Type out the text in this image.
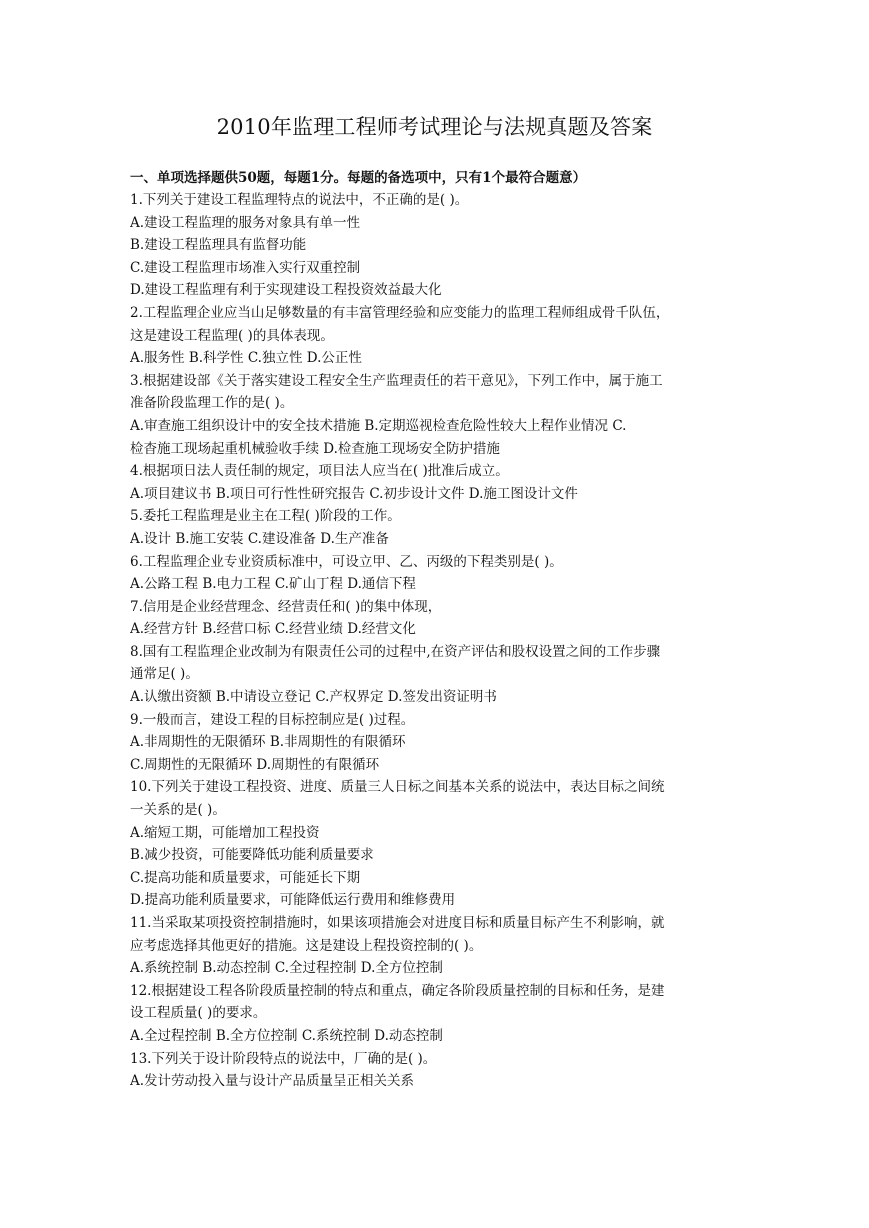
2010年监理工程师考试理论与法规真题及答案

一、单项选择题供50题，每题1分。每题的备选项中，只有1个最符合题意）

1.下列关于建设工程监理特点的说法中，不正确的是( )。

A.建设工程监理的服务对象具有单一性

B.建设工程监理具有监督功能

C.建设工程监理市场准入实行双重控制

D.建设工程监理有利于实现建设工程投资效益最大化

2.工程监理企业应当山足够数量的有丰富管理经验和应变能力的监理工程师组成骨千队伍，

这是建设工程监理( )的具体表现。

A.服务性 B.科学性 C.独立性 D.公正性

3.根据建设部《关于落实建设工程安全生产监理责任的若干意见》，下列工作中，属于施工

准备阶段监理工作的是( )。

A.审查施工组织设计中的安全技术措施 B.定期巡视检查危险性较大上程作业情况 C.

检杳施工现场起重机械验收手续 D.检查施工现场安全防护措施

4.根据项日法人责任制的规定，项目法人应当在( )批准后成立。

A.项目建议书 B.项日可行性性研究报告 C.初步设计文件 D.施工图设计文件

5.委托工程监理是业主在工程( )阶段的工作。

A.设计 B.施工安装 C.建设准备 D.生产准备

6.工程监理企业专业资质标准中，可设立甲、乙、丙级的下程类别是( )。

A.公路工程 B.电力工程 C.矿山丁程 D.通信下程

7.信用是企业经营理念、经营责任和( )的集中体现，

A.经营方针 B.经营口标 C.经营业绩 D.经营文化

8.国有工程监理企业改制为有限责任公司的过程中,在资产评估和股权设置之间的工作步骤

通常足( )。

A.认缴出资额 B.中请设立登记 C.产权界定 D.签发出资证明书

9.一般而言，建设工程的目标控制应是( )过程。

A.非周期性的无限循环 B.非周期性的有限循环

C.周期性的无限循环 D.周期性的有限循环

10.下列关于建设工程投资、进度、质量三人日标之间基本关系的说法中，表达目标之间统

一关系的是( )。

A.缩短工期，可能增加工程投资

B.减少投资，可能要降低功能利质量要求

C.提高功能和质量要求，可能延长下期

D.提高功能利质量要求，可能降低运行费用和维修费用

11.当采取某项投资控制措施时，如果该项措施会对进度目标和质量目标产生不利影响，就

应考虑选择其他更好的措施。这是建设上程投资控制的( )。

A.系统控制 B.动态控制 C.全过程控制 D.全方位控制

12.根据建设工程各阶段质量控制的特点和重点，确定各阶段质量控制的目标和任务，是建

设工程质量( )的要求。

A.全过程控制 B.全方位控制 C.系统控制 D.动态控制

13.下列关于设计阶段特点的说法中，厂确的是( )。

A.发计劳动投入量与设计产品质量呈正相关关系
